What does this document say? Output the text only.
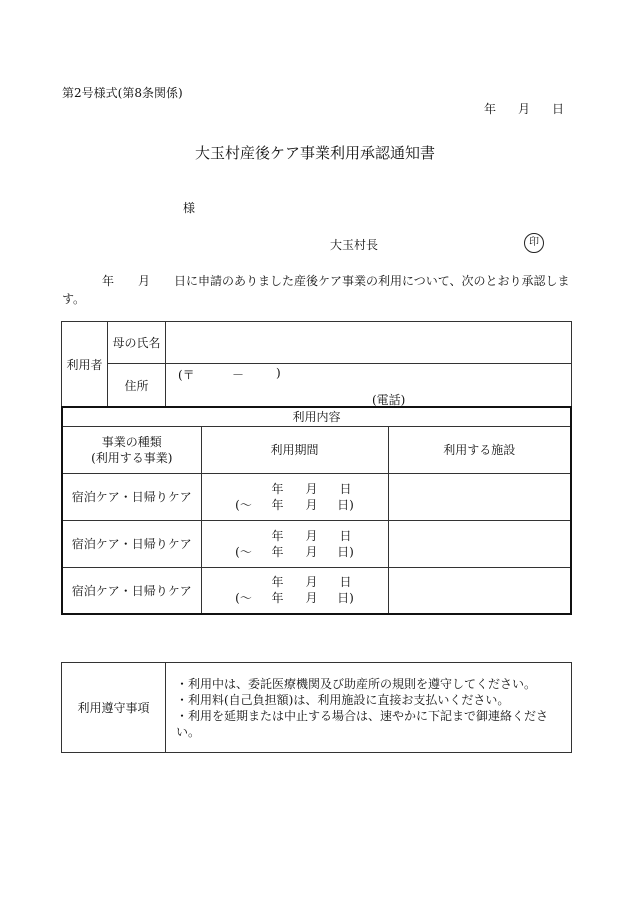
第2号様式(第8条関係)
年 月 日
大玉村産後ケア事業利用承認通知書
様
大玉村長	印
年 月 日に申請のありました産後ケア事業の利用について、次のとおり承認します。
利用者	母の氏名	
	住所	(〒 － )
(電話)
利用内容		

事業の種類
(利用する事業)	利用期間	利用する施設
宿泊ケア・日帰りケア	年 月 日
(～ 年 月 日)	

宿泊ケア・日帰りケア	年 月 日
(～ 年 月 日)	

宿泊ケア・日帰りケア	年 月 日
(～ 年 月 日)	

利用遵守事項	
・利用中は、委託医療機関及び助産所の規則を遵守してください。
・利用料(自己負担額)は、利用施設に直接お支払いください。
・利用を延期または中止する場合は、速やかに下記まで御連絡ください。
